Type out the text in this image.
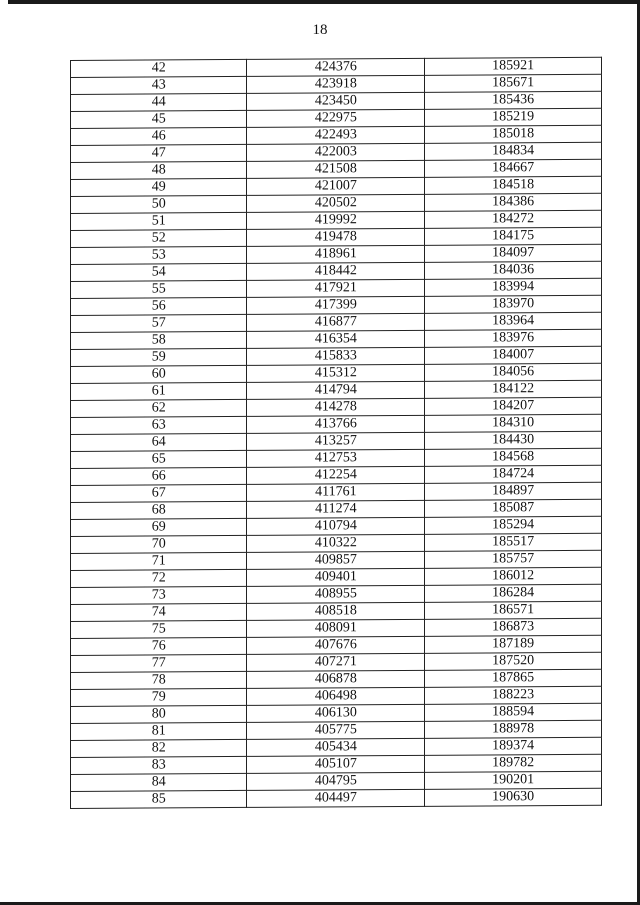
18
42	424376	185921
43	423918	185671
44	423450	185436
45	422975	185219
46	422493	185018
47	422003	184834
48	421508	184667
49	421007	184518
50	420502	184386
51	419992	184272
52	419478	184175
53	418961	184097
54	418442	184036
55	417921	183994
56	417399	183970
57	416877	183964
58	416354	183976
59	415833	184007
60	415312	184056
61	414794	184122
62	414278	184207
63	413766	184310
64	413257	184430
65	412753	184568
66	412254	184724
67	411761	184897
68	411274	185087
69	410794	185294
70	410322	185517
71	409857	185757
72	409401	186012
73	408955	186284
74	408518	186571
75	408091	186873
76	407676	187189
77	407271	187520
78	406878	187865
79	406498	188223
80	406130	188594
81	405775	188978
82	405434	189374
83	405107	189782
84	404795	190201
85	404497	190630
